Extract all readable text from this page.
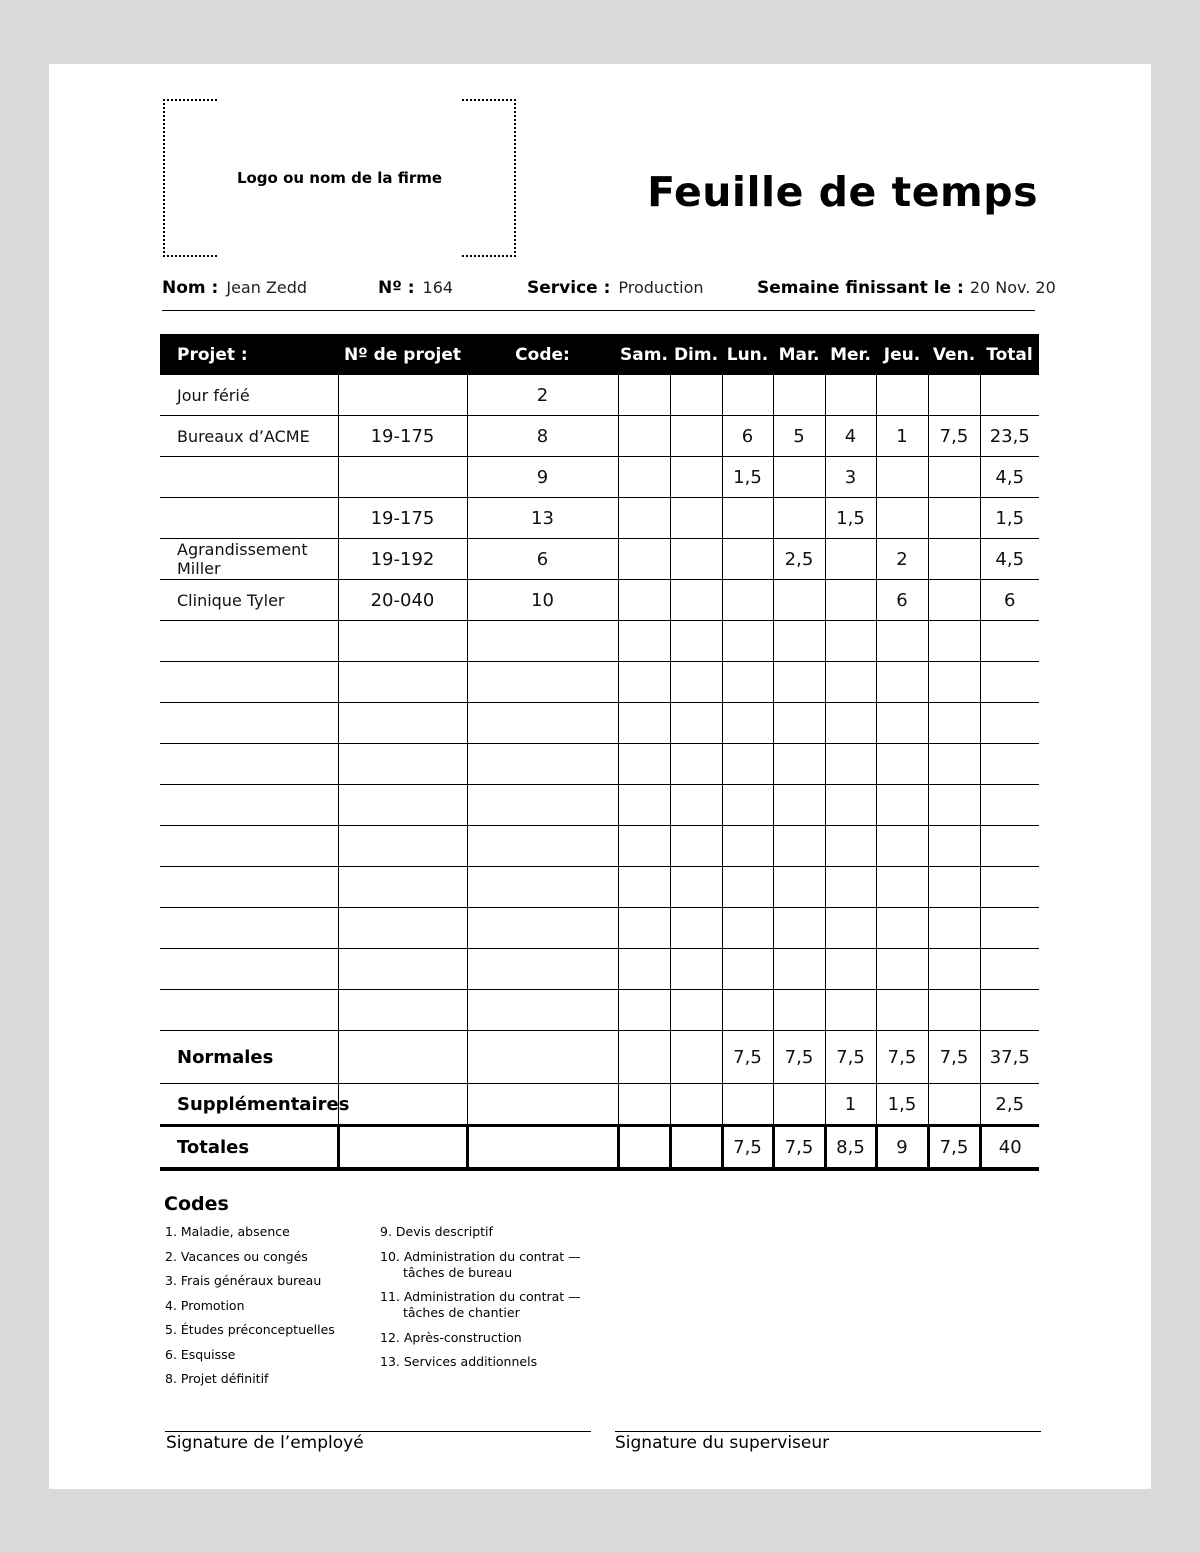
Logo ou nom de la firme	Feuille de temps
Nom : Jean Zedd	Nº : 164	Service : Production	Semaine finissant le : 20 Nov. 20
Projet :	Nº de projet	Code:	Sam.	Dim.	Lun.	Mar.	Mer.	Jeu.	Ven.	Total
Jour férié		2								
Bureaux d’ACME	19-175	8			6	5	4	1	7,5	23,5
		9			1,5		3			4,5
	19-175	13					1,5			1,5
Agrandissement Miller	19-192	6				2,5		2		4,5
Clinique Tyler	20-040	10						6		6

Normales					7,5	7,5	7,5	7,5	7,5	37,5
Supplémentaires							1	1,5		2,5
Totales					7,5	7,5	8,5	9	7,5	40
Codes
1. Maladie, absence
2. Vacances ou congés
3. Frais généraux bureau
4. Promotion
5. Études préconceptuelles
6. Esquisse
8. Projet définitif
9. Devis descriptif
10. Administration du contrat —
tâches de bureau
11. Administration du contrat —
tâches de chantier
12. Après-construction
13. Services additionnels
Signature de l’employé	Signature du superviseur
